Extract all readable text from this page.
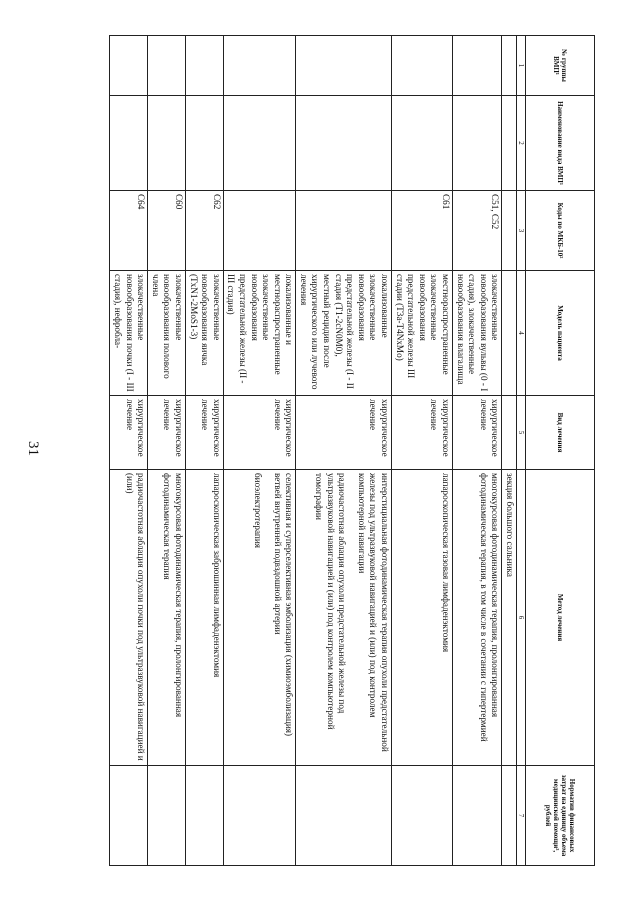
31
№ группы ВМП¹	Наименование вида ВМП¹	Коды по МКБ-10²	Модель пациента	Вид лечения	Метод лечения	Норматив финансовых затрат на единицу объема медицинской помощи³, рублей
1	2	3	4	5	6	7
					зекция большого сальника	
		C51, C52	злокачественные новообразования вульвы (0 - I стадия), злокачественные новообразования влагалища	хирургическое лечение	многокурсовая фотодинамическая терапия, пролонгированная фотодинамическая терапия, в том числе в сочетании с гипертермией	

		C61	местнораспространенные злокачественные новообразования предстательной железы III стадии (T3a-T4NxMo)	хирургическое лечение	лапароскопическая тазовая лимфаденэктомия	

			локализованные злокачественные новообразования предстательной железы (I - II стадия (T1-2cN0M0), местный рецидив после хирургического или лучевого лечения	хирургическое лечение	интерстициальная фотодинамическая терапия опухоли предстательной железы под ультразвуковой навигацией и (или) под контролем компьютерной навигации
радиочастотная аблация опухоли предстательной железы под ультразвуковой навигацией и (или) под контролем компьютерной томографии	

			локализованные и местнораспространенные злокачественные новообразования предстательной железы (II - III стадия)	хирургическое лечение	селективная и суперселективная эмболизация (химиоэмболизация) ветвей внутренней подвздошной артерии
биоэлектротерапия	

		C62	злокачественные новообразования яичка (TxN1-2MoS1-3)	хирургическое лечение	лапароскопическая забрюшинная лимфаденэктомия	

		C60	злокачественные новообразования полового члена	хирургическое лечение	многокурсовая фотодинамическая терапия, пролонгированная фотодинамическая терапия	

		C64	злокачественные новообразования почки (I - III стадия), нефробла-	хирургическое лечение	радиочастотная аблация опухоли почки под ультразвуковой навигацией и (или)	
